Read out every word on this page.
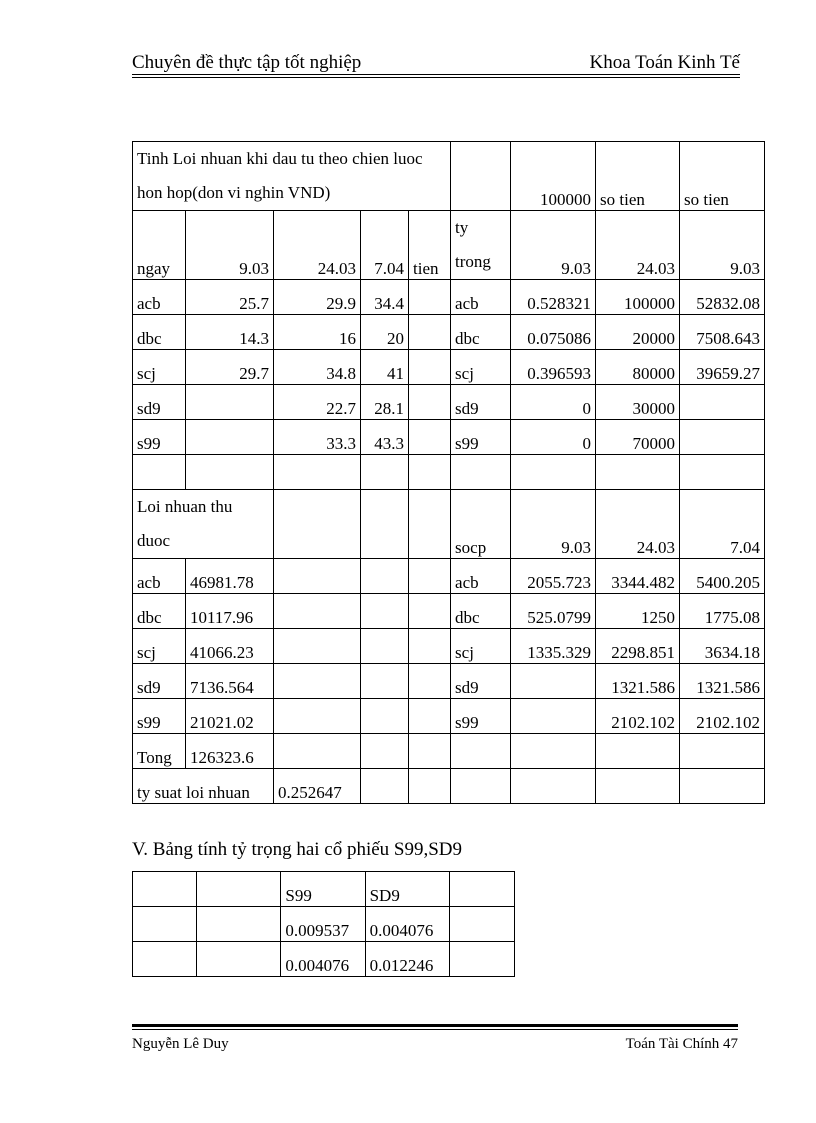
Chuyên đề thực tập tốt nghiệp	Khoa Toán Kinh Tế
Tinh Loi nhuan khi dau tu theo chien luoc hon hop(don vi nghin VND)						100000	so tien	so tien
ngay	9.03	24.03	7.04	tien	ty trong	9.03	24.03	9.03
acb	25.7	29.9	34.4		acb	0.528321	100000	52832.08
dbc	14.3	16	20		dbc	0.075086	20000	7508.643
scj	29.7	34.8	41		scj	0.396593	80000	39659.27
sd9		22.7	28.1		sd9	0	30000	
s99		33.3	43.3		s99	0	70000	

Loi nhuan thu duoc					socp	9.03	24.03	7.04
acb	46981.78				acb	2055.723	3344.482	5400.205
dbc	10117.96				dbc	525.0799	1250	1775.08
scj	41066.23				scj	1335.329	2298.851	3634.18
sd9	7136.564				sd9		1321.586	1321.586
s99	21021.02				s99		2102.102	2102.102
Tong	126323.6							
ty suat loi nhuan		0.252647						
V. Bảng tính tỷ trọng hai cổ phiếu S99,SD9
		S99	SD9	
		0.009537	0.004076	
		0.004076	0.012246	
Nguyễn Lê Duy	Toán Tài Chính 47
